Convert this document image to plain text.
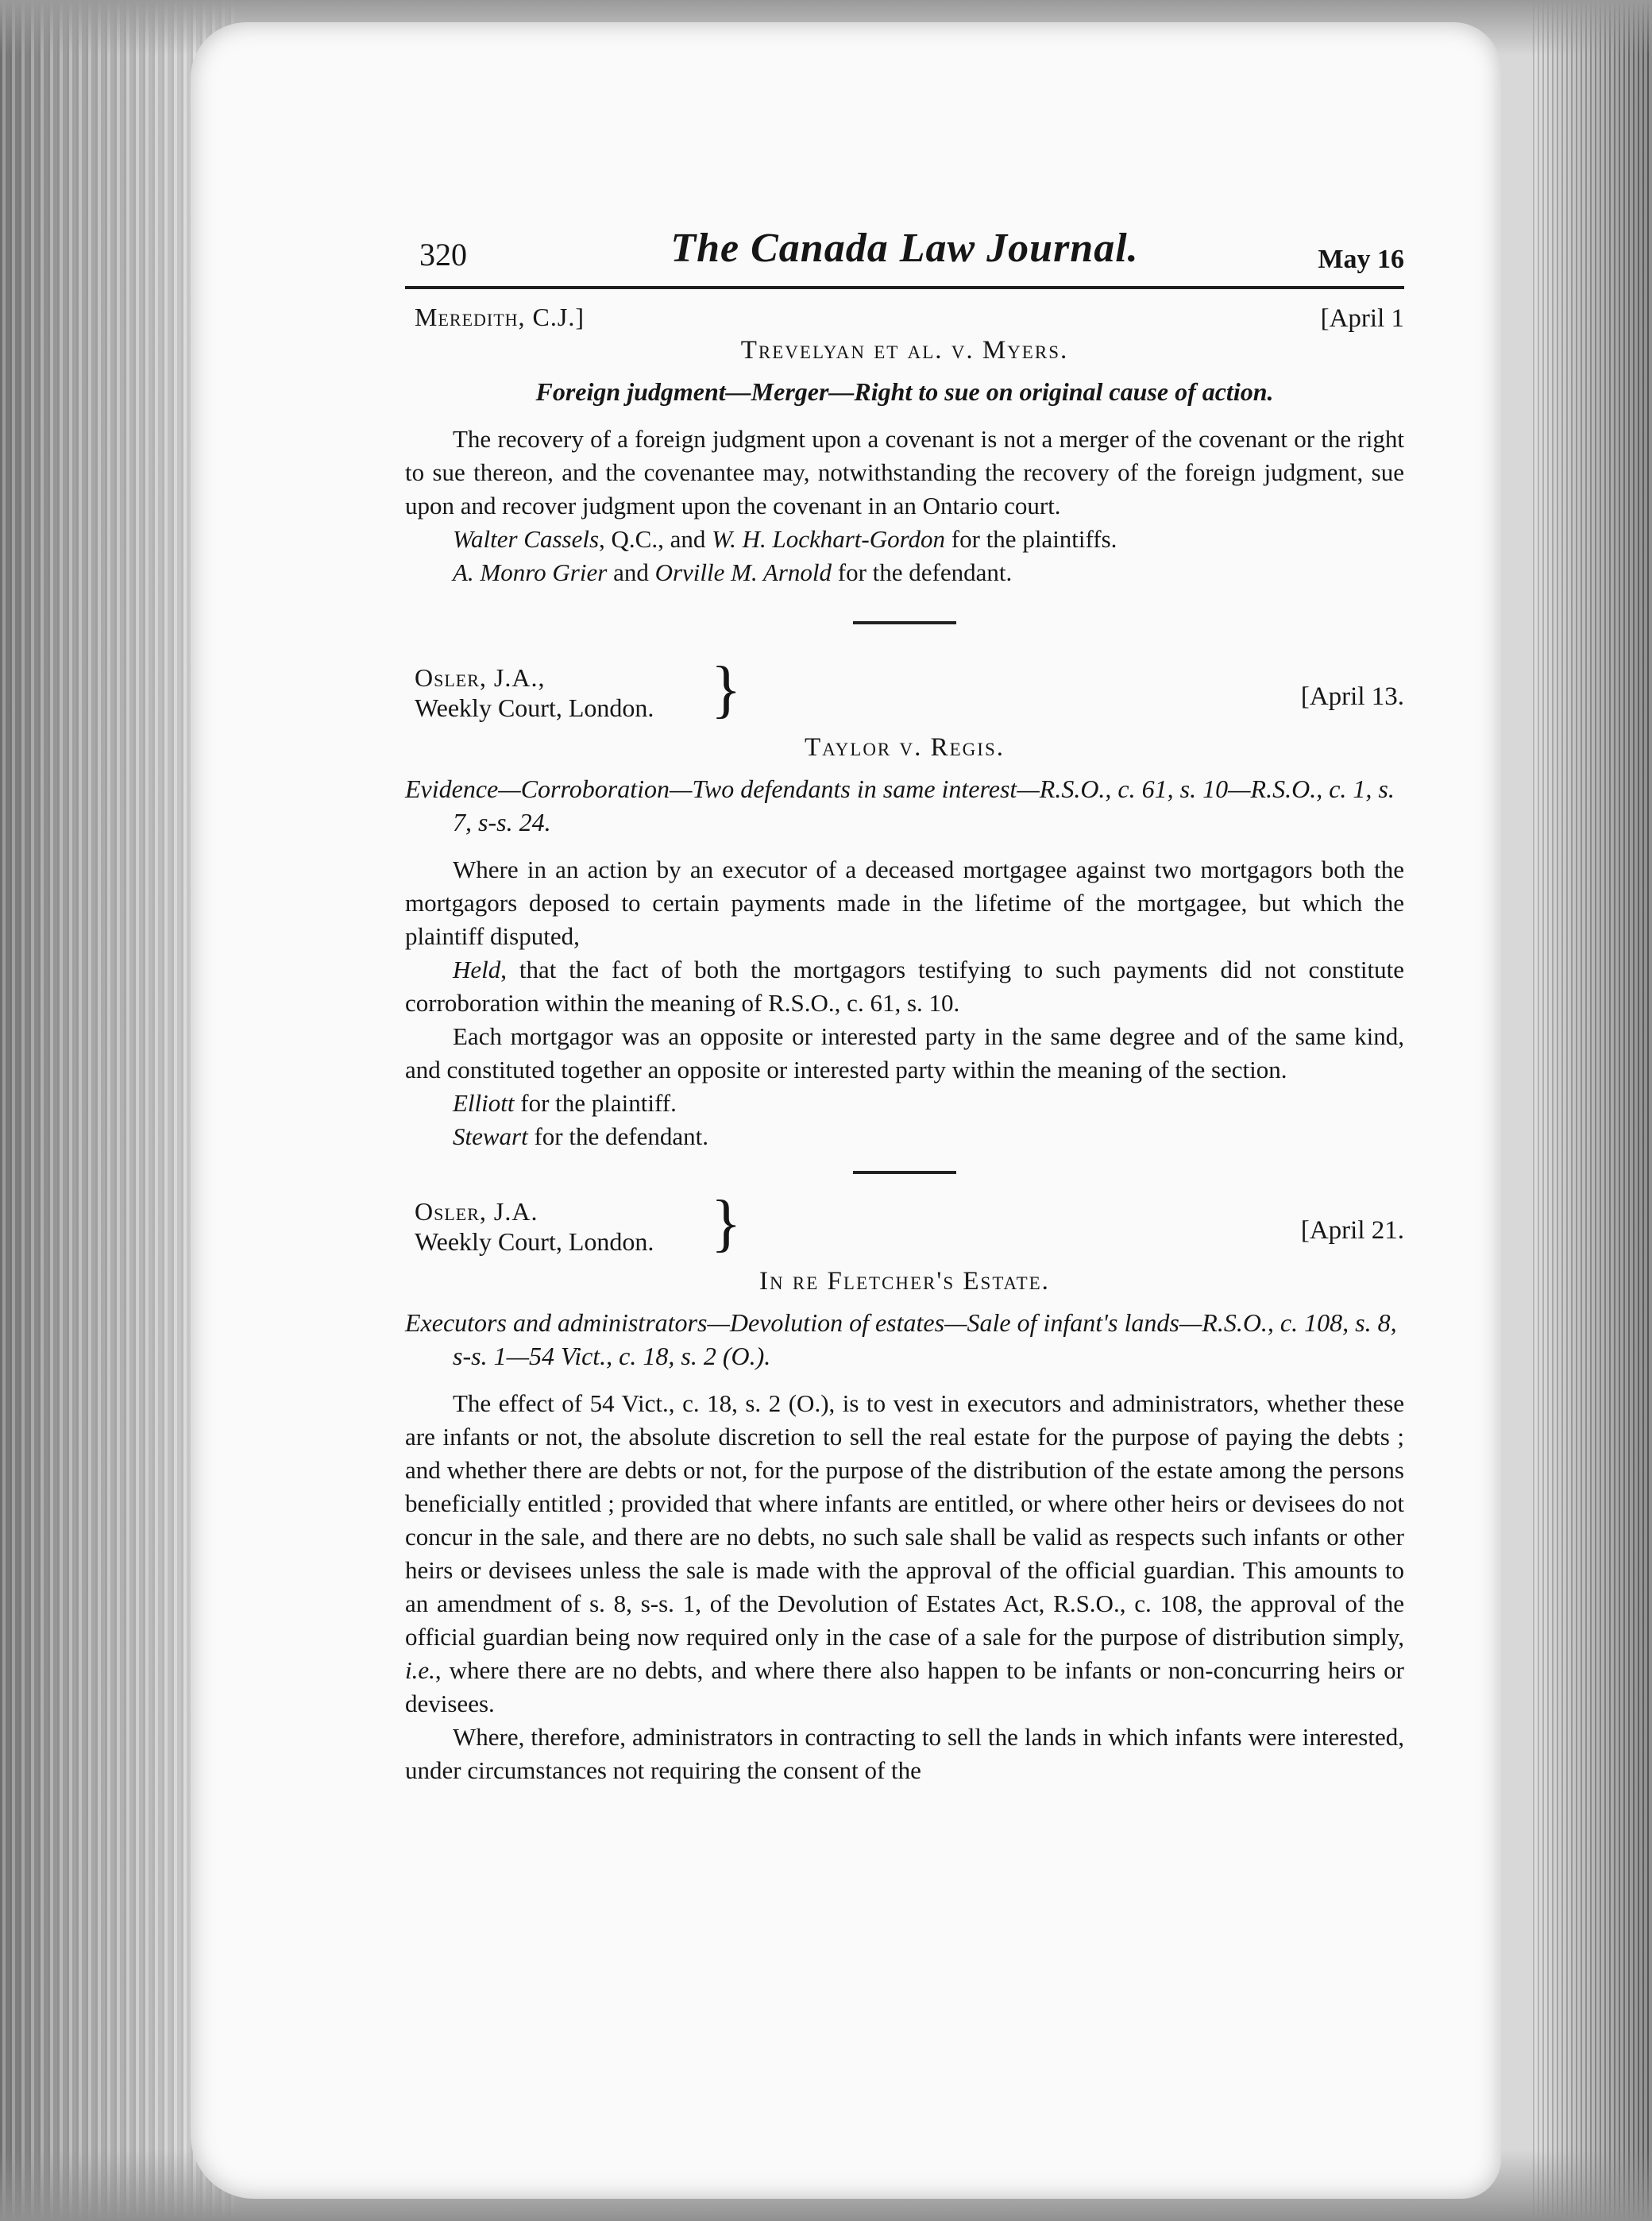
320	The Canada Law Journal.	May 16
Meredith, C.J.]	[April 1
Trevelyan et al. v. Myers.
Foreign judgment—Merger—Right to sue on original cause of action.

The recovery of a foreign judgment upon a covenant is not a merger of the covenant or the right to sue thereon, and the covenantee may, notwithstanding the recovery of the foreign judgment, sue upon and recover judgment upon the covenant in an Ontario court.

Walter Cassels, Q.C., and W. H. Lockhart-Gordon for the plaintiffs.

A. Monro Grier and Orville M. Arnold for the defendant.

Osler, J.A.,
Weekly Court, London. }	[April 13.
Taylor v. Regis.
Evidence—Corroboration—Two defendants in same interest—R.S.O., c. 61, s. 10—R.S.O., c. 1, s. 7, s-s. 24.

Where in an action by an executor of a deceased mortgagee against two mortgagors both the mortgagors deposed to certain payments made in the lifetime of the mortgagee, but which the plaintiff disputed,

Held, that the fact of both the mortgagors testifying to such payments did not constitute corroboration within the meaning of R.S.O., c. 61, s. 10.

Each mortgagor was an opposite or interested party in the same degree and of the same kind, and constituted together an opposite or interested party within the meaning of the section.

Elliott for the plaintiff.

Stewart for the defendant.

Osler, J.A.
Weekly Court, London. }	[April 21.
In re Fletcher's Estate.
Executors and administrators—Devolution of estates—Sale of infant's lands—R.S.O., c. 108, s. 8, s-s. 1—54 Vict., c. 18, s. 2 (O.).

The effect of 54 Vict., c. 18, s. 2 (O.), is to vest in executors and administrators, whether these are infants or not, the absolute discretion to sell the real estate for the purpose of paying the debts ; and whether there are debts or not, for the purpose of the distribution of the estate among the persons beneficially entitled ; provided that where infants are entitled, or where other heirs or devisees do not concur in the sale, and there are no debts, no such sale shall be valid as respects such infants or other heirs or devisees unless the sale is made with the approval of the official guardian. This amounts to an amendment of s. 8, s-s. 1, of the Devolution of Estates Act, R.S.O., c. 108, the approval of the official guardian being now required only in the case of a sale for the purpose of distribution simply, i.e., where there are no debts, and where there also happen to be infants or non-concurring heirs or devisees.

Where, therefore, administrators in contracting to sell the lands in which infants were interested, under circumstances not requiring the consent of the
